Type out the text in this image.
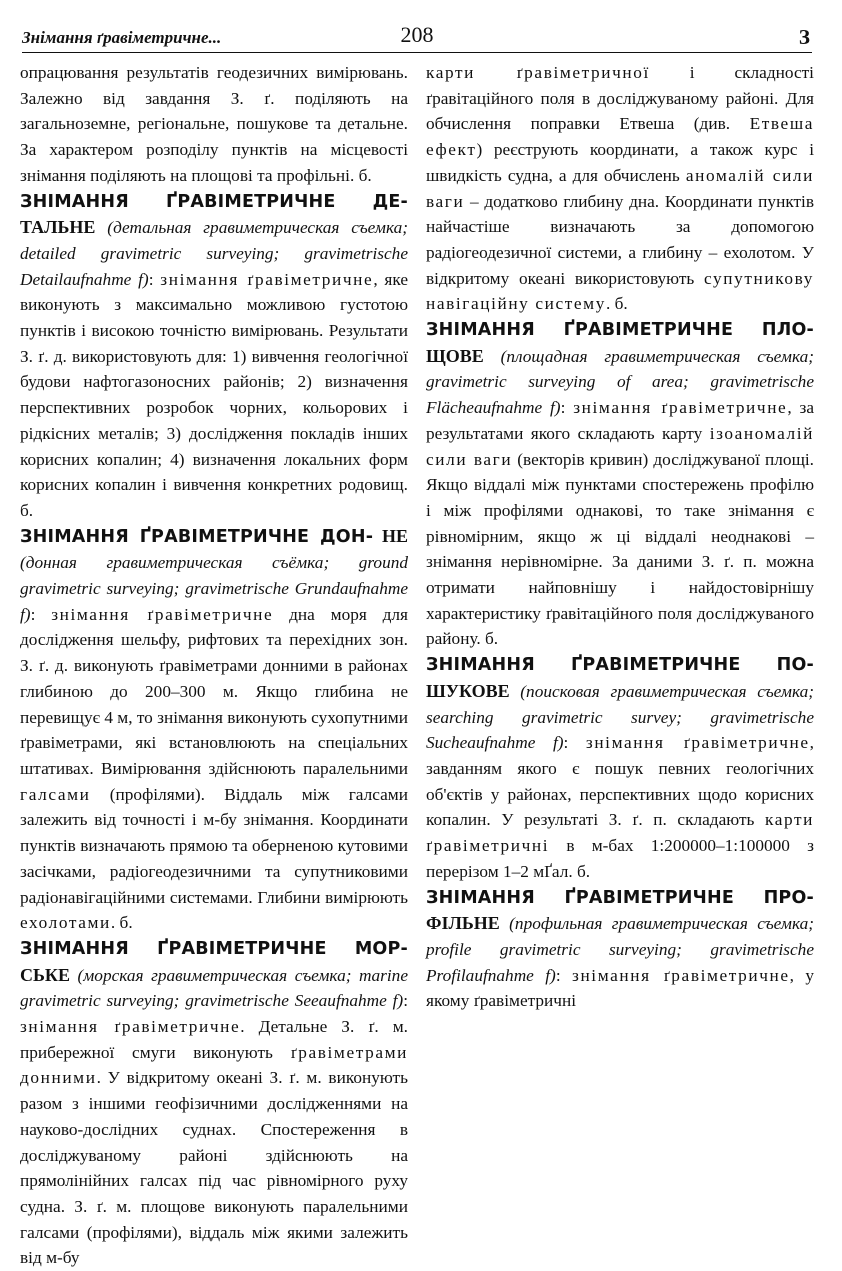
Знімання ґравіметричне...	208	З

опрацювання результатів геодезичних вимірювань. Залежно від завдання З. ґ. поділяють на загальноземне, регіональне, пошукове та детальне. За характером розподілу пунктів на місцевості знімання поділяють на площові та профільні. б.

ЗНІМАННЯ ҐРАВІМЕТРИЧНЕ ДЕ- ТАЛЬНЕ (детальная гравиметрическая съемка; detailed gravimetric surveying; gravimetrische Detailaufnahme f): знімання ґравіметричне, яке виконують з максимально можливою густотою пунктів і високою точністю вимірювань. Результати З. ґ. д. використовують для: 1) вивчення геологічної будови нафтогазоносних районів; 2) визначення перспективних розробок чорних, кольорових і рідкісних металів; 3) дослідження покладів інших корисних копалин; 4) визначення локальних форм корисних копалин і вивчення конкретних родовищ. б.

ЗНІМАННЯ ҐРАВІМЕТРИЧНЕ ДОН- НЕ (донная гравиметрическая съёмка; ground gravimetric surveying; gravimetrische Grundaufnahme f): знімання ґравіметричне дна моря для дослідження шельфу, рифтових та перехідних зон. З. ґ. д. виконують ґравіметрами донними в районах глибиною до 200–300 м. Якщо глибина не перевищує 4 м, то знімання виконують сухопутними ґравіметрами, які встановлюють на спеціальних штативах. Вимірювання здійснюють паралельними галсами (профілями). Віддаль між галсами залежить від точності і м-бу знімання. Координати пунктів визначають прямою та оберненою кутовими засічками, радіогеодезичними та супутниковими радіонавігаційними системами. Глибини вимірюють ехолотами. б.

ЗНІМАННЯ ҐРАВІМЕТРИЧНЕ МОР- СЬКЕ (морская гравиметрическая съемка; marine gravimetric surveying; gravimetrische Seeaufnahme f): знімання ґравіметричне. Детальне З. ґ. м. прибережної смуги виконують ґравіметрами донними. У відкритому океані З. ґ. м. виконують разом з іншими геофізичними дослідженнями на науково-дослідних суднах. Спостереження в досліджуваному районі здійснюють на прямолінійних галсах під час рівномірного руху судна. З. ґ. м. площове виконують паралельними галсами (профілями), віддаль між якими залежить від м-бу

карти ґравіметричної і складності ґравітаційного поля в досліджуваному районі. Для обчислення поправки Етвеша (див. Етвеша ефект) реєструють координати, а також курс і швидкість судна, а для обчислень аномалій сили ваги – додатково глибину дна. Координати пунктів найчастіше визначають за допомогою радіогеодезичної системи, а глибину – ехолотом. У відкритому океані використовують супутникову навігаційну систему. б.

ЗНІМАННЯ ҐРАВІМЕТРИЧНЕ ПЛО- ЩОВЕ (площадная гравиметрическая съемка; gravimetric surveying of area; gravimetrische Flächeaufnahme f): знімання ґравіметричне, за результатами якого складають карту ізоаномалій сили ваги (векторів кривин) досліджуваної площі. Якщо віддалі між пунктами спостережень профілю і між профілями однакові, то таке знімання є рівномірним, якщо ж ці віддалі неоднакові – знімання нерівномірне. За даними З. ґ. п. можна отримати найповнішу і найдостовірнішу характеристику ґравітаційного поля досліджуваного району. б.

ЗНІМАННЯ ҐРАВІМЕТРИЧНЕ ПО- ШУКОВЕ (поисковая гравиметрическая съемка; searching gravimetric survey; gravimetrische Sucheaufnahme f): знімання ґравіметричне, завданням якого є пошук певних геологічних об'єктів у районах, перспективних щодо корисних копалин. У результаті З. ґ. п. складають карти ґравіметричні в м-бах 1:200000–1:100000 з перерізом 1–2 мҐал. б.

ЗНІМАННЯ ҐРАВІМЕТРИЧНЕ ПРО- ФІЛЬНЕ (профильная гравиметрическая съемка; profile gravimetric surveying; gravimetrische Profilaufnahme f): знімання ґравіметричне, у якому ґравіметричні
